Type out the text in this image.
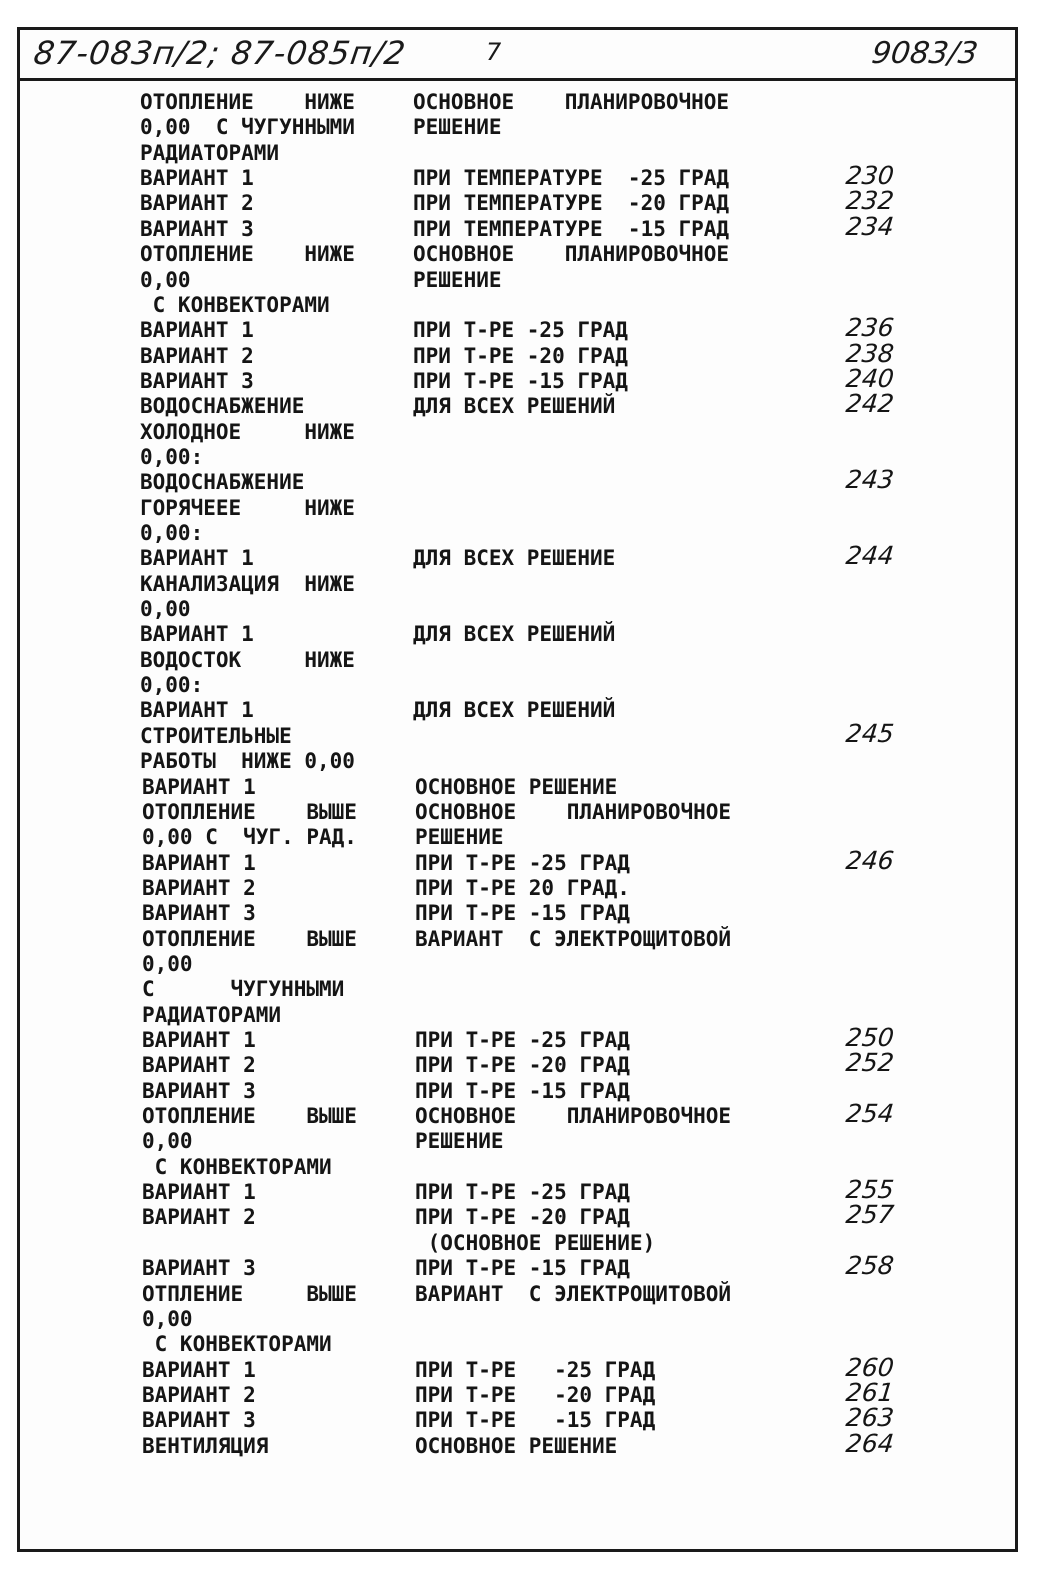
87-083п/2; 87-085п/2	7	9083/3
ОТОПЛЕНИЕ    НИЖЕ	ОСНОВНОЕ    ПЛАНИРОВОЧНОЕ
0,00  С ЧУГУННЫМИ	РЕШЕНИЕ
РАДИАТОРАМИ
ВАРИАНТ 1	ПРИ ТЕМПЕРАТУРЕ  -25 ГРАД	230
ВАРИАНТ 2	ПРИ ТЕМПЕРАТУРЕ  -20 ГРАД	232
ВАРИАНТ 3	ПРИ ТЕМПЕРАТУРЕ  -15 ГРАД	234
ОТОПЛЕНИЕ    НИЖЕ	ОСНОВНОЕ    ПЛАНИРОВОЧНОЕ
0,00	РЕШЕНИЕ
С КОНВЕКТОРАМИ
ВАРИАНТ 1	ПРИ Т-РЕ -25 ГРАД	236
ВАРИАНТ 2	ПРИ Т-РЕ -20 ГРАД	238
ВАРИАНТ 3	ПРИ Т-РЕ -15 ГРАД	240
ВОДОСНАБЖЕНИЕ	ДЛЯ ВСЕХ РЕШЕНИЙ	242
ХОЛОДНОЕ     НИЖЕ
0,00:
ВОДОСНАБЖЕНИЕ	243
ГОРЯЧЕЕЕ     НИЖЕ
0,00:
ВАРИАНТ 1	ДЛЯ ВСЕХ РЕШЕНИЕ	244
КАНАЛИЗАЦИЯ  НИЖЕ
0,00
ВАРИАНТ 1	ДЛЯ ВСЕХ РЕШЕНИЙ
ВОДОСТОК     НИЖЕ
0,00:
ВАРИАНТ 1	ДЛЯ ВСЕХ РЕШЕНИЙ
СТРОИТЕЛЬНЫЕ	245
РАБОТЫ  НИЖЕ 0,00
ВАРИАНТ 1	ОСНОВНОЕ РЕШЕНИЕ
ОТОПЛЕНИЕ    ВЫШЕ	ОСНОВНОЕ    ПЛАНИРОВОЧНОЕ
0,00 С  ЧУГ. РАД.	РЕШЕНИЕ
ВАРИАНТ 1	ПРИ Т-РЕ -25 ГРАД	246
ВАРИАНТ 2	ПРИ Т-РЕ 20 ГРАД.
ВАРИАНТ 3	ПРИ Т-РЕ -15 ГРАД
ОТОПЛЕНИЕ    ВЫШЕ	ВАРИАНТ  С ЭЛЕКТРОЩИТОВОЙ
0,00
С      ЧУГУННЫМИ
РАДИАТОРАМИ
ВАРИАНТ 1	ПРИ Т-РЕ -25 ГРАД	250
ВАРИАНТ 2	ПРИ Т-РЕ -20 ГРАД	252
ВАРИАНТ 3	ПРИ Т-РЕ -15 ГРАД
ОТОПЛЕНИЕ    ВЫШЕ	ОСНОВНОЕ    ПЛАНИРОВОЧНОЕ	254
0,00	РЕШЕНИЕ
С КОНВЕКТОРАМИ
ВАРИАНТ 1	ПРИ Т-РЕ -25 ГРАД	255
ВАРИАНТ 2	ПРИ Т-РЕ -20 ГРАД	257
(ОСНОВНОЕ РЕШЕНИЕ)
ВАРИАНТ 3	ПРИ Т-РЕ -15 ГРАД	258
ОТПЛЕНИЕ     ВЫШЕ	ВАРИАНТ  С ЭЛЕКТРОЩИТОВОЙ
0,00
С КОНВЕКТОРАМИ
ВАРИАНТ 1	ПРИ Т-РЕ   -25 ГРАД	260
ВАРИАНТ 2	ПРИ Т-РЕ   -20 ГРАД	261
ВАРИАНТ 3	ПРИ Т-РЕ   -15 ГРАД	263
ВЕНТИЛЯЦИЯ	ОСНОВНОЕ РЕШЕНИЕ	264
